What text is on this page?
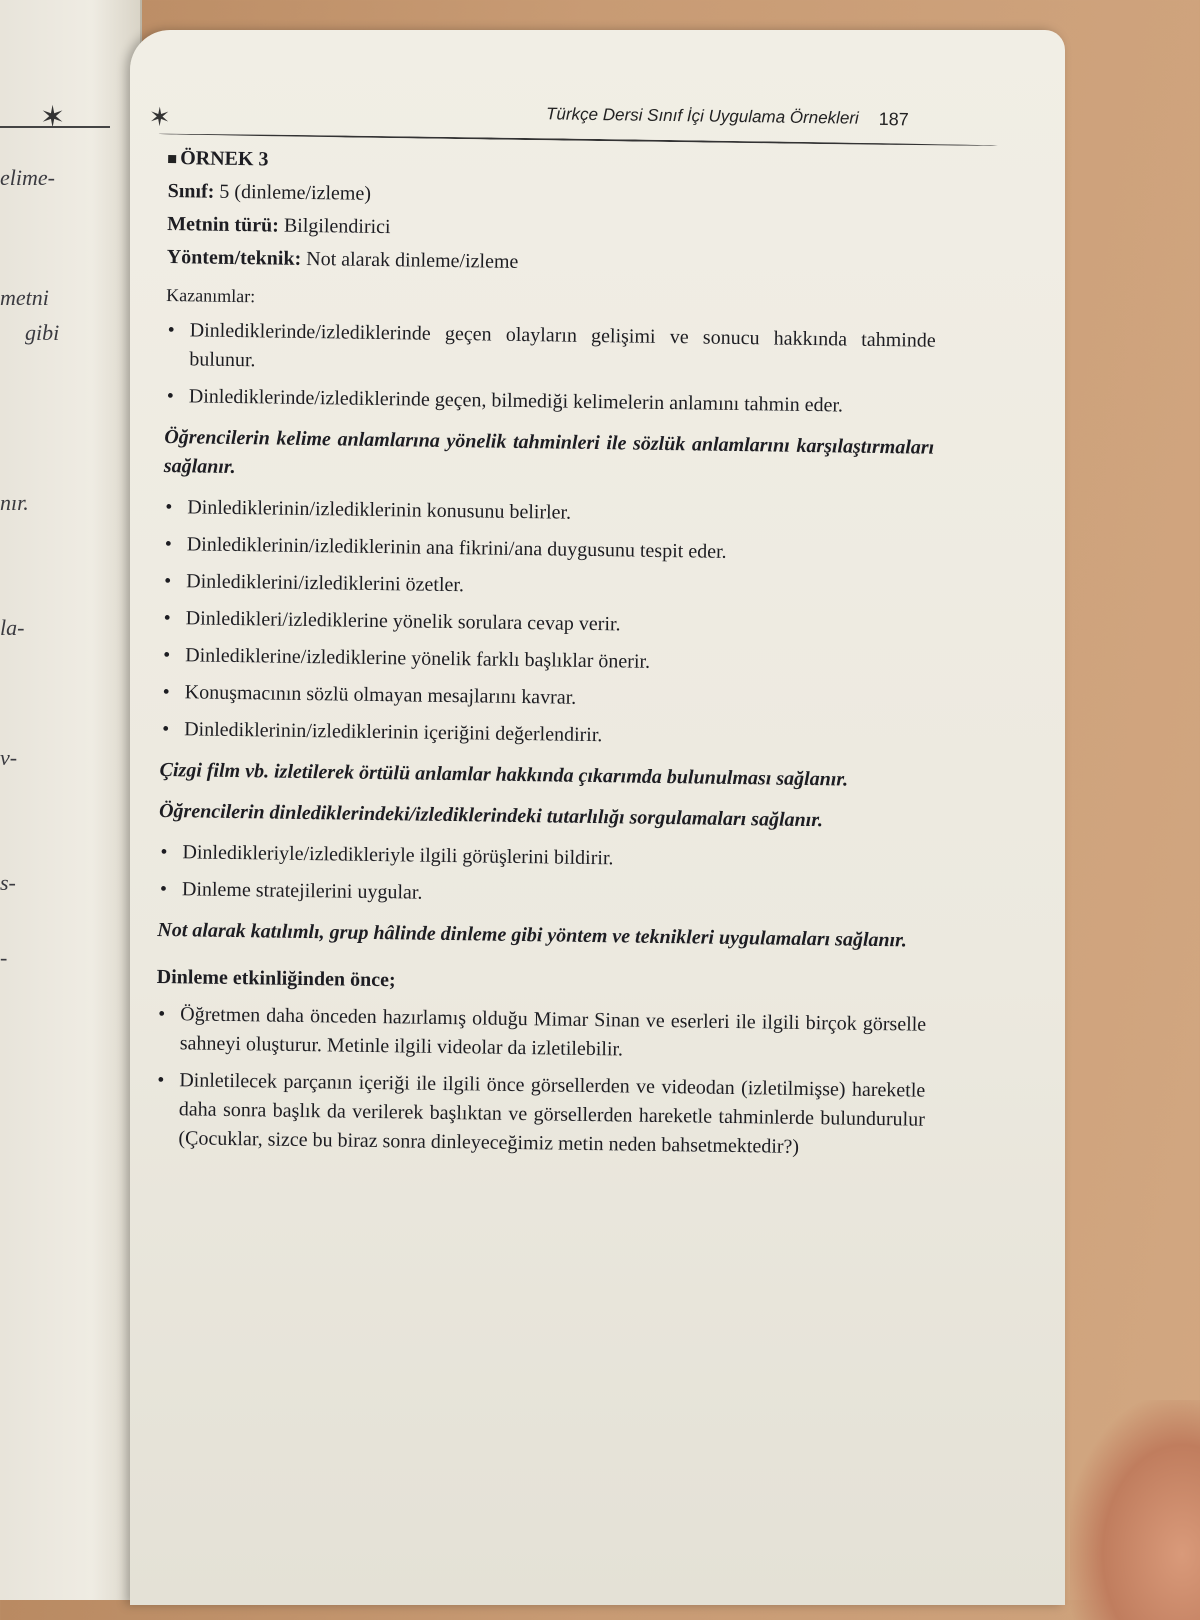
✶
elime-
metni
gibi
nır.
la-
v-
s-
-
✶	Türkçe Dersi Sınıf İçi Uygulama Örnekleri 187
ÖRNEK 3
Sınıf: 5 (dinleme/izleme)
Metnin türü: Bilgilendirici
Yöntem/teknik: Not alarak dinleme/izleme
Kazanımlar:
• Dinlediklerinde/izlediklerinde geçen olayların gelişimi ve sonucu hakkında tahminde bulunur.
• Dinlediklerinde/izlediklerinde geçen, bilmediği kelimelerin anlamını tahmin eder.
Öğrencilerin kelime anlamlarına yönelik tahminleri ile sözlük anlamlarını karşılaştırmaları sağlanır.
• Dinlediklerinin/izlediklerinin konusunu belirler.
• Dinlediklerinin/izlediklerinin ana fikrini/ana duygusunu tespit eder.
• Dinlediklerini/izlediklerini özetler.
• Dinledikleri/izlediklerine yönelik sorulara cevap verir.
• Dinlediklerine/izlediklerine yönelik farklı başlıklar önerir.
• Konuşmacının sözlü olmayan mesajlarını kavrar.
• Dinlediklerinin/izlediklerinin içeriğini değerlendirir.
Çizgi film vb. izletilerek örtülü anlamlar hakkında çıkarımda bulunulması sağlanır.
Öğrencilerin dinlediklerindeki/izlediklerindeki tutarlılığı sorgulamaları sağlanır.
• Dinledikleriyle/izledikleriyle ilgili görüşlerini bildirir.
• Dinleme stratejilerini uygular.
Not alarak katılımlı, grup hâlinde dinleme gibi yöntem ve teknikleri uygulamaları sağlanır.
Dinleme etkinliğinden önce;
• Öğretmen daha önceden hazırlamış olduğu Mimar Sinan ve eserleri ile ilgili birçok görselle sahneyi oluşturur. Metinle ilgili videolar da izletilebilir.
• Dinletilecek parçanın içeriği ile ilgili önce görsellerden ve videodan (izletilmişse) hareketle daha sonra başlık da verilerek başlıktan ve görsellerden hareketle tahminlerde bulundurulur (Çocuklar, sizce bu biraz sonra dinleyeceğimiz metin neden bahsetmektedir?)
